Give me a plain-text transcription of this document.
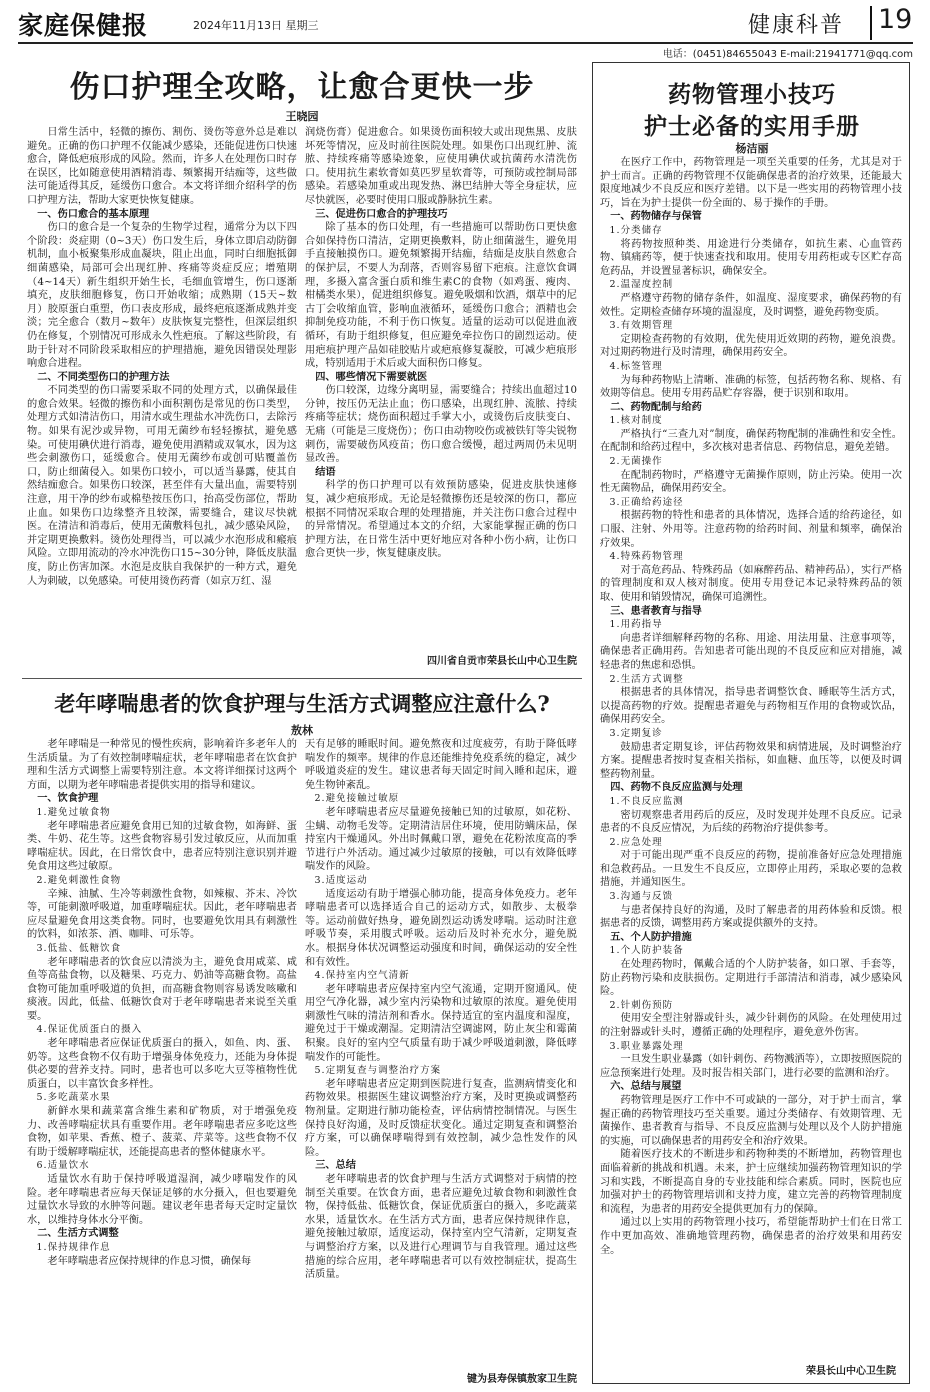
家庭保健报	2024年11月13日 星期三	健康科普 19
电话：(0451)84655043 E-mail:21941771@qq.com
伤口护理全攻略，让愈合更快一步
王晓园

日常生活中，轻微的擦伤、割伤、烫伤等意外总是难以避免。正确的伤口护理不仅能减少感染，还能促进伤口快速愈合，降低疤痕形成的风险。然而，许多人在处理伤口时存在误区，比如随意使用酒精消毒、频繁揭开结痂等，这些做法可能适得其反，延缓伤口愈合。本文将详细介绍科学的伤口护理方法，帮助大家更快恢复健康。

一、伤口愈合的基本原理

伤口的愈合是一个复杂的生物学过程，通常分为以下四个阶段：炎症期（0~3天）伤口发生后，身体立即启动防御机制，血小板聚集形成血凝块，阻止出血，同时白细胞抵御细菌感染，局部可会出现红肿、疼痛等炎症反应；增殖期（4~14天）新生组织开始生长，毛细血管增生，伤口逐渐填充，皮肤细胞修复，伤口开始收缩；成熟期（15天~数月）胶原蛋白重塑，伤口表皮形成，最终疤痕逐渐成熟并变淡；完全愈合（数月~数年）皮肤恢复完整性，但深层组织仍在修复，个别情况可形成永久性疤痕。了解这些阶段，有助于针对不同阶段采取相应的护理措施，避免因错误处理影响愈合进程。

二、不同类型伤口的护理方法

不同类型的伤口需要采取不同的处理方式，以确保最佳的愈合效果。轻微的擦伤和小面积割伤是常见的伤口类型，处理方式如清洁伤口，用清水或生理盐水冲洗伤口，去除污物。如果有泥沙或异物，可用无菌纱布轻轻擦拭，避免感染。可使用碘伏进行消毒，避免使用酒精或双氧水，因为这些会刺激伤口，延缓愈合。使用无菌纱布或创可贴覆盖伤口，防止细菌侵入。如果伤口较小，可以适当暴露，使其自然结痂愈合。如果伤口较深，甚至伴有大量出血，需要特别注意，用干净的纱布或棉垫按压伤口，抬高受伤部位，帮助止血。如果伤口边缘整齐且较深，需要缝合，建议尽快就医。在清洁和消毒后，使用无菌敷料包扎，减少感染风险，并定期更换敷料。烫伤处理得当，可以减少水泡形成和瘢痕风险。立即用流动的冷水冲洗伤口15~30分钟，降低皮肤温度，防止伤害加深。水泡是皮肤自我保护的一种方式，避免人为刺破，以免感染。可使用烫伤药膏（如京万红、湿

润烧伤膏）促进愈合。如果烫伤面积较大或出现焦黑、皮肤坏死等情况，应及时前往医院处理。如果伤口出现红肿、流脓、持续疼痛等感染迹象，应使用碘伏或抗菌药水清洗伤口。使用抗生素软膏如莫匹罗星软膏等，可预防或控制局部感染。若感染加重或出现发热、淋巴结肿大等全身症状，应尽快就医，必要时使用口服或静脉抗生素。

三、促进伤口愈合的护理技巧

除了基本的伤口处理，有一些措施可以帮助伤口更快愈合如保持伤口清洁，定期更换敷料，防止细菌滋生，避免用手直接触摸伤口。避免频繁揭开结痂，结痂是皮肤自然愈合的保护层，不要人为刮落，否则容易留下疤痕。注意饮食调理，多摄入富含蛋白质和维生素C的食物（如鸡蛋、瘦肉、柑橘类水果），促进组织修复。避免吸烟和饮酒，烟草中的尼古丁会收缩血管，影响血液循环，延缓伤口愈合；酒精也会抑制免疫功能，不利于伤口恢复。适量的运动可以促进血液循环，有助于组织修复，但应避免牵拉伤口的剧烈运动。使用疤痕护理产品如硅胶贴片或疤痕修复凝胶，可减少疤痕形成，特别适用于术后或大面积伤口修复。

四、哪些情况下需要就医

伤口较深，边缘分离明显，需要缝合；持续出血超过10分钟，按压仍无法止血；伤口感染，出现红肿、流脓、持续疼痛等症状；烧伤面积超过手掌大小，或烫伤后皮肤变白、无痛（可能是三度烧伤）；伤口由动物咬伤或被铁钉等尖锐物刺伤，需要破伤风疫苗；伤口愈合缓慢，超过两周仍未见明显改善。

结语

科学的伤口护理可以有效预防感染，促进皮肤快速修复，减少疤痕形成。无论是轻微擦伤还是较深的伤口，都应根据不同情况采取合理的处理措施，并关注伤口愈合过程中的异常情况。希望通过本文的介绍，大家能掌握正确的伤口护理方法，在日常生活中更好地应对各种小伤小病，让伤口愈合更快一步，恢复健康皮肤。

四川省自贡市荣县长山中心卫生院
老年哮喘患者的饮食护理与生活方式调整应注意什么?
敖林

老年哮喘是一种常见的慢性疾病，影响着许多老年人的生活质量。为了有效控制哮喘症状，老年哮喘患者在饮食护理和生活方式调整上需要特别注意。本文将详细探讨这两个方面，以期为老年哮喘患者提供实用的指导和建议。

一、饮食护理

1.避免过敏食物

老年哮喘患者应避免食用已知的过敏食物，如海鲜、蛋类、牛奶、花生等。这些食物容易引发过敏反应，从而加重哮喘症状。因此，在日常饮食中，患者应特别注意识别并避免食用这些过敏原。

2.避免刺激性食物

辛辣、油腻、生冷等刺激性食物，如辣椒、芥末、冷饮等，可能刺激呼吸道，加重哮喘症状。因此，老年哮喘患者应尽量避免食用这类食物。同时，也要避免饮用具有刺激性的饮料，如浓茶、酒、咖啡、可乐等。

3.低盐、低糖饮食

老年哮喘患者的饮食应以清淡为主，避免食用咸菜、咸鱼等高盐食物，以及糖果、巧克力、奶油等高糖食物。高盐食物可能加重呼吸道的负担，而高糖食物则容易诱发咳嗽和痰液。因此，低盐、低糖饮食对于老年哮喘患者来说至关重要。

4.保证优质蛋白的摄入

老年哮喘患者应保证优质蛋白的摄入，如鱼、肉、蛋、奶等。这些食物不仅有助于增强身体免疫力，还能为身体提供必要的营养支持。同时，患者也可以多吃大豆等植物性优质蛋白，以丰富饮食多样性。

5.多吃蔬菜水果

新鲜水果和蔬菜富含维生素和矿物质，对于增强免疫力、改善哮喘症状具有重要作用。老年哮喘患者应多吃这些食物，如苹果、香蕉、橙子、菠菜、芹菜等。这些食物不仅有助于缓解哮喘症状，还能提高患者的整体健康水平。

6.适量饮水

适量饮水有助于保持呼吸道湿润，减少哮喘发作的风险。老年哮喘患者应每天保证足够的水分摄入，但也要避免过量饮水导致的水肿等问题。建议老年患者每天定时定量饮水，以维持身体水分平衡。

二、生活方式调整

1.保持规律作息

老年哮喘患者应保持规律的作息习惯，确保每

天有足够的睡眠时间。避免熬夜和过度疲劳，有助于降低哮喘发作的频率。规律的作息还能维持免疫系统的稳定，减少呼吸道炎症的发生。建议患者每天固定时间入睡和起床，避免生物钟紊乱。

2.避免接触过敏原

老年哮喘患者应尽量避免接触已知的过敏原，如花粉、尘螨、动物毛发等。定期清洁居住环境，使用防螨床品，保持室内干燥通风。外出时佩戴口罩，避免在花粉浓度高的季节进行户外活动。通过减少过敏原的接触，可以有效降低哮喘发作的风险。

3.适度运动

适度运动有助于增强心肺功能，提高身体免疫力。老年哮喘患者可以选择适合自己的运动方式，如散步、太极拳等。运动前做好热身，避免剧烈运动诱发哮喘。运动时注意呼吸节奏，采用腹式呼吸。运动后及时补充水分，避免脱水。根据身体状况调整运动强度和时间，确保运动的安全性和有效性。

4.保持室内空气清新

老年哮喘患者应保持室内空气流通，定期开窗通风。使用空气净化器，减少室内污染物和过敏原的浓度。避免使用刺激性气味的清洁剂和香水。保持适宜的室内温度和湿度，避免过于干燥或潮湿。定期清洁空调滤网，防止灰尘和霉菌积聚。良好的室内空气质量有助于减少呼吸道刺激，降低哮喘发作的可能性。

5.定期复查与调整治疗方案

老年哮喘患者应定期到医院进行复查，监测病情变化和药物效果。根据医生建议调整治疗方案，及时更换或调整药物剂量。定期进行肺功能检查，评估病情控制情况。与医生保持良好沟通，及时反馈症状变化。通过定期复查和调整治疗方案，可以确保哮喘得到有效控制，减少急性发作的风险。

三、总结

老年哮喘患者的饮食护理与生活方式调整对于病情的控制至关重要。在饮食方面，患者应避免过敏食物和刺激性食物，保持低盐、低糖饮食，保证优质蛋白的摄入，多吃蔬菜水果，适量饮水。在生活方式方面，患者应保持规律作息，避免接触过敏原，适度运动，保持室内空气清新，定期复查与调整治疗方案，以及进行心理调节与自我管理。通过这些措施的综合应用，老年哮喘患者可以有效控制症状，提高生活质量。

键为县寿保镇敖家卫生院
药物管理小技巧
护士必备的实用手册
杨洁丽

在医疗工作中，药物管理是一项至关重要的任务，尤其是对于护士而言。正确的药物管理不仅能确保患者的治疗效果，还能最大限度地减少不良反应和医疗差错。以下是一些实用的药物管理小技巧，旨在为护士提供一份全面的、易于操作的手册。

一、药物储存与保管

1.分类储存

将药物按照种类、用途进行分类储存，如抗生素、心血管药物、镇痛药等，便于快速查找和取用。使用专用药柜或专区贮存高危药品，并设置显著标识，确保安全。

2.温湿度控制

严格遵守药物的储存条件，如温度、湿度要求，确保药物的有效性。定期检查储存环境的温湿度，及时调整，避免药物变质。

3.有效期管理

定期检查药物的有效期，优先使用近效期的药物，避免浪费。对过期药物进行及时清理，确保用药安全。

4.标签管理

为每种药物贴上清晰、准确的标签，包括药物名称、规格、有效期等信息。使用专用药品贮存容器，便于识别和取用。

二、药物配制与给药

1.核对制度

严格执行“三查九对”制度，确保药物配制的准确性和安全性。在配制和给药过程中，多次核对患者信息、药物信息，避免差错。

2.无菌操作

在配制药物时，严格遵守无菌操作原则，防止污染。使用一次性无菌物品，确保用药安全。

3.正确给药途径

根据药物的特性和患者的具体情况，选择合适的给药途径，如口服、注射、外用等。注意药物的给药时间、剂量和频率，确保治疗效果。

4.特殊药物管理

对于高危药品、特殊药品（如麻醉药品、精神药品），实行严格的管理制度和双人核对制度。使用专用登记本记录特殊药品的领取、使用和销毁情况，确保可追溯性。

三、患者教育与指导

1.用药指导

向患者详细解释药物的名称、用途、用法用量、注意事项等，确保患者正确用药。告知患者可能出现的不良反应和应对措施，减轻患者的焦虑和恐惧。

2.生活方式调整

根据患者的具体情况，指导患者调整饮食、睡眠等生活方式，以提高药物的疗效。提醒患者避免与药物相互作用的食物或饮品，确保用药安全。

3.定期复诊

鼓励患者定期复诊，评估药物效果和病情进展，及时调整治疗方案。提醒患者按时复查相关指标，如血糖、血压等，以便及时调整药物剂量。

四、药物不良反应监测与处理

1.不良反应监测

密切观察患者用药后的反应，及时发现并处理不良反应。记录患者的不良反应情况，为后续的药物治疗提供参考。

2.应急处理

对于可能出现严重不良反应的药物，提前准备好应急处理措施和急救药品。一旦发生不良反应，立即停止用药，采取必要的急救措施，并通知医生。

3.沟通与反馈

与患者保持良好的沟通，及时了解患者的用药体验和反馈。根据患者的反馈，调整用药方案或提供额外的支持。

五、个人防护措施

1.个人防护装备

在处理药物时，佩戴合适的个人防护装备，如口罩、手套等，防止药物污染和皮肤损伤。定期进行手部清洁和消毒，减少感染风险。

2.针刺伤预防

使用安全型注射器或针头，减少针刺伤的风险。在处理使用过的注射器或针头时，遵循正确的处理程序，避免意外伤害。

3.职业暴露处理

一旦发生职业暴露（如针刺伤、药物溅洒等），立即按照医院的应急预案进行处理。及时报告相关部门，进行必要的监测和治疗。

六、总结与展望

药物管理是医疗工作中不可或缺的一部分，对于护士而言，掌握正确的药物管理技巧至关重要。通过分类储存、有效期管理、无菌操作、患者教育与指导、不良反应监测与处理以及个人防护措施的实施，可以确保患者的用药安全和治疗效果。

随着医疗技术的不断进步和药物种类的不断增加，药物管理也面临着新的挑战和机遇。未来，护士应继续加强药物管理知识的学习和实践，不断提高自身的专业技能和综合素质。同时，医院也应加强对护士的药物管理培训和支持力度，建立完善的药物管理制度和流程，为患者的用药安全提供更加有力的保障。

通过以上实用的药物管理小技巧，希望能帮助护士们在日常工作中更加高效、准确地管理药物，确保患者的治疗效果和用药安全。

荣县长山中心卫生院
